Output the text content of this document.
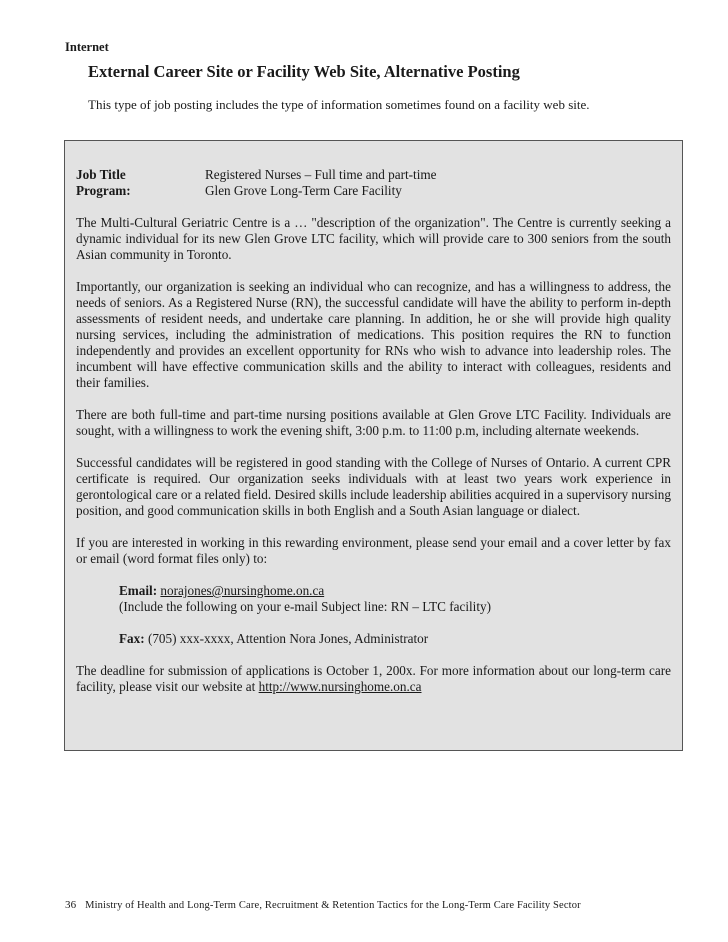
Internet
External Career Site or Facility Web Site, Alternative Posting
This type of job posting includes the type of information sometimes found on a facility web site.
Job Title	Registered Nurses – Full time and part-time
Program:	Glen Grove Long-Term Care Facility

The Multi-Cultural Geriatric Centre is a … "description of the organization". The Centre is currently seeking a dynamic individual for its new Glen Grove LTC facility, which will provide care to 300 seniors from the south Asian community in Toronto.

Importantly, our organization is seeking an individual who can recognize, and has a willingness to address, the needs of seniors. As a Registered Nurse (RN), the successful candidate will have the ability to perform in-depth assessments of resident needs, and undertake care planning. In addition, he or she will provide high quality nursing services, including the administration of medications. This position requires the RN to function independently and provides an excellent opportunity for RNs who wish to advance into leadership roles. The incumbent will have effective communication skills and the ability to interact with colleagues, residents and their families.

There are both full-time and part-time nursing positions available at Glen Grove LTC Facility. Individuals are sought, with a willingness to work the evening shift, 3:00 p.m. to 11:00 p.m, including alternate weekends.

Successful candidates will be registered in good standing with the College of Nurses of Ontario. A current CPR certificate is required. Our organization seeks individuals with at least two years work experience in gerontological care or a related field. Desired skills include leadership abilities acquired in a supervisory nursing position, and good communication skills in both English and a South Asian language or dialect.

If you are interested in working in this rewarding environment, please send your email and a cover letter by fax or email (word format files only) to:

Email: norajones@nursinghome.on.ca
(Include the following on your e-mail Subject line: RN – LTC facility)
Fax: (705) xxx-xxxx, Attention Nora Jones, Administrator

The deadline for submission of applications is October 1, 200x. For more information about our long-term care facility, please visit our website at http://www.nursinghome.on.ca

36 Ministry of Health and Long-Term Care, Recruitment & Retention Tactics for the Long-Term Care Facility Sector
